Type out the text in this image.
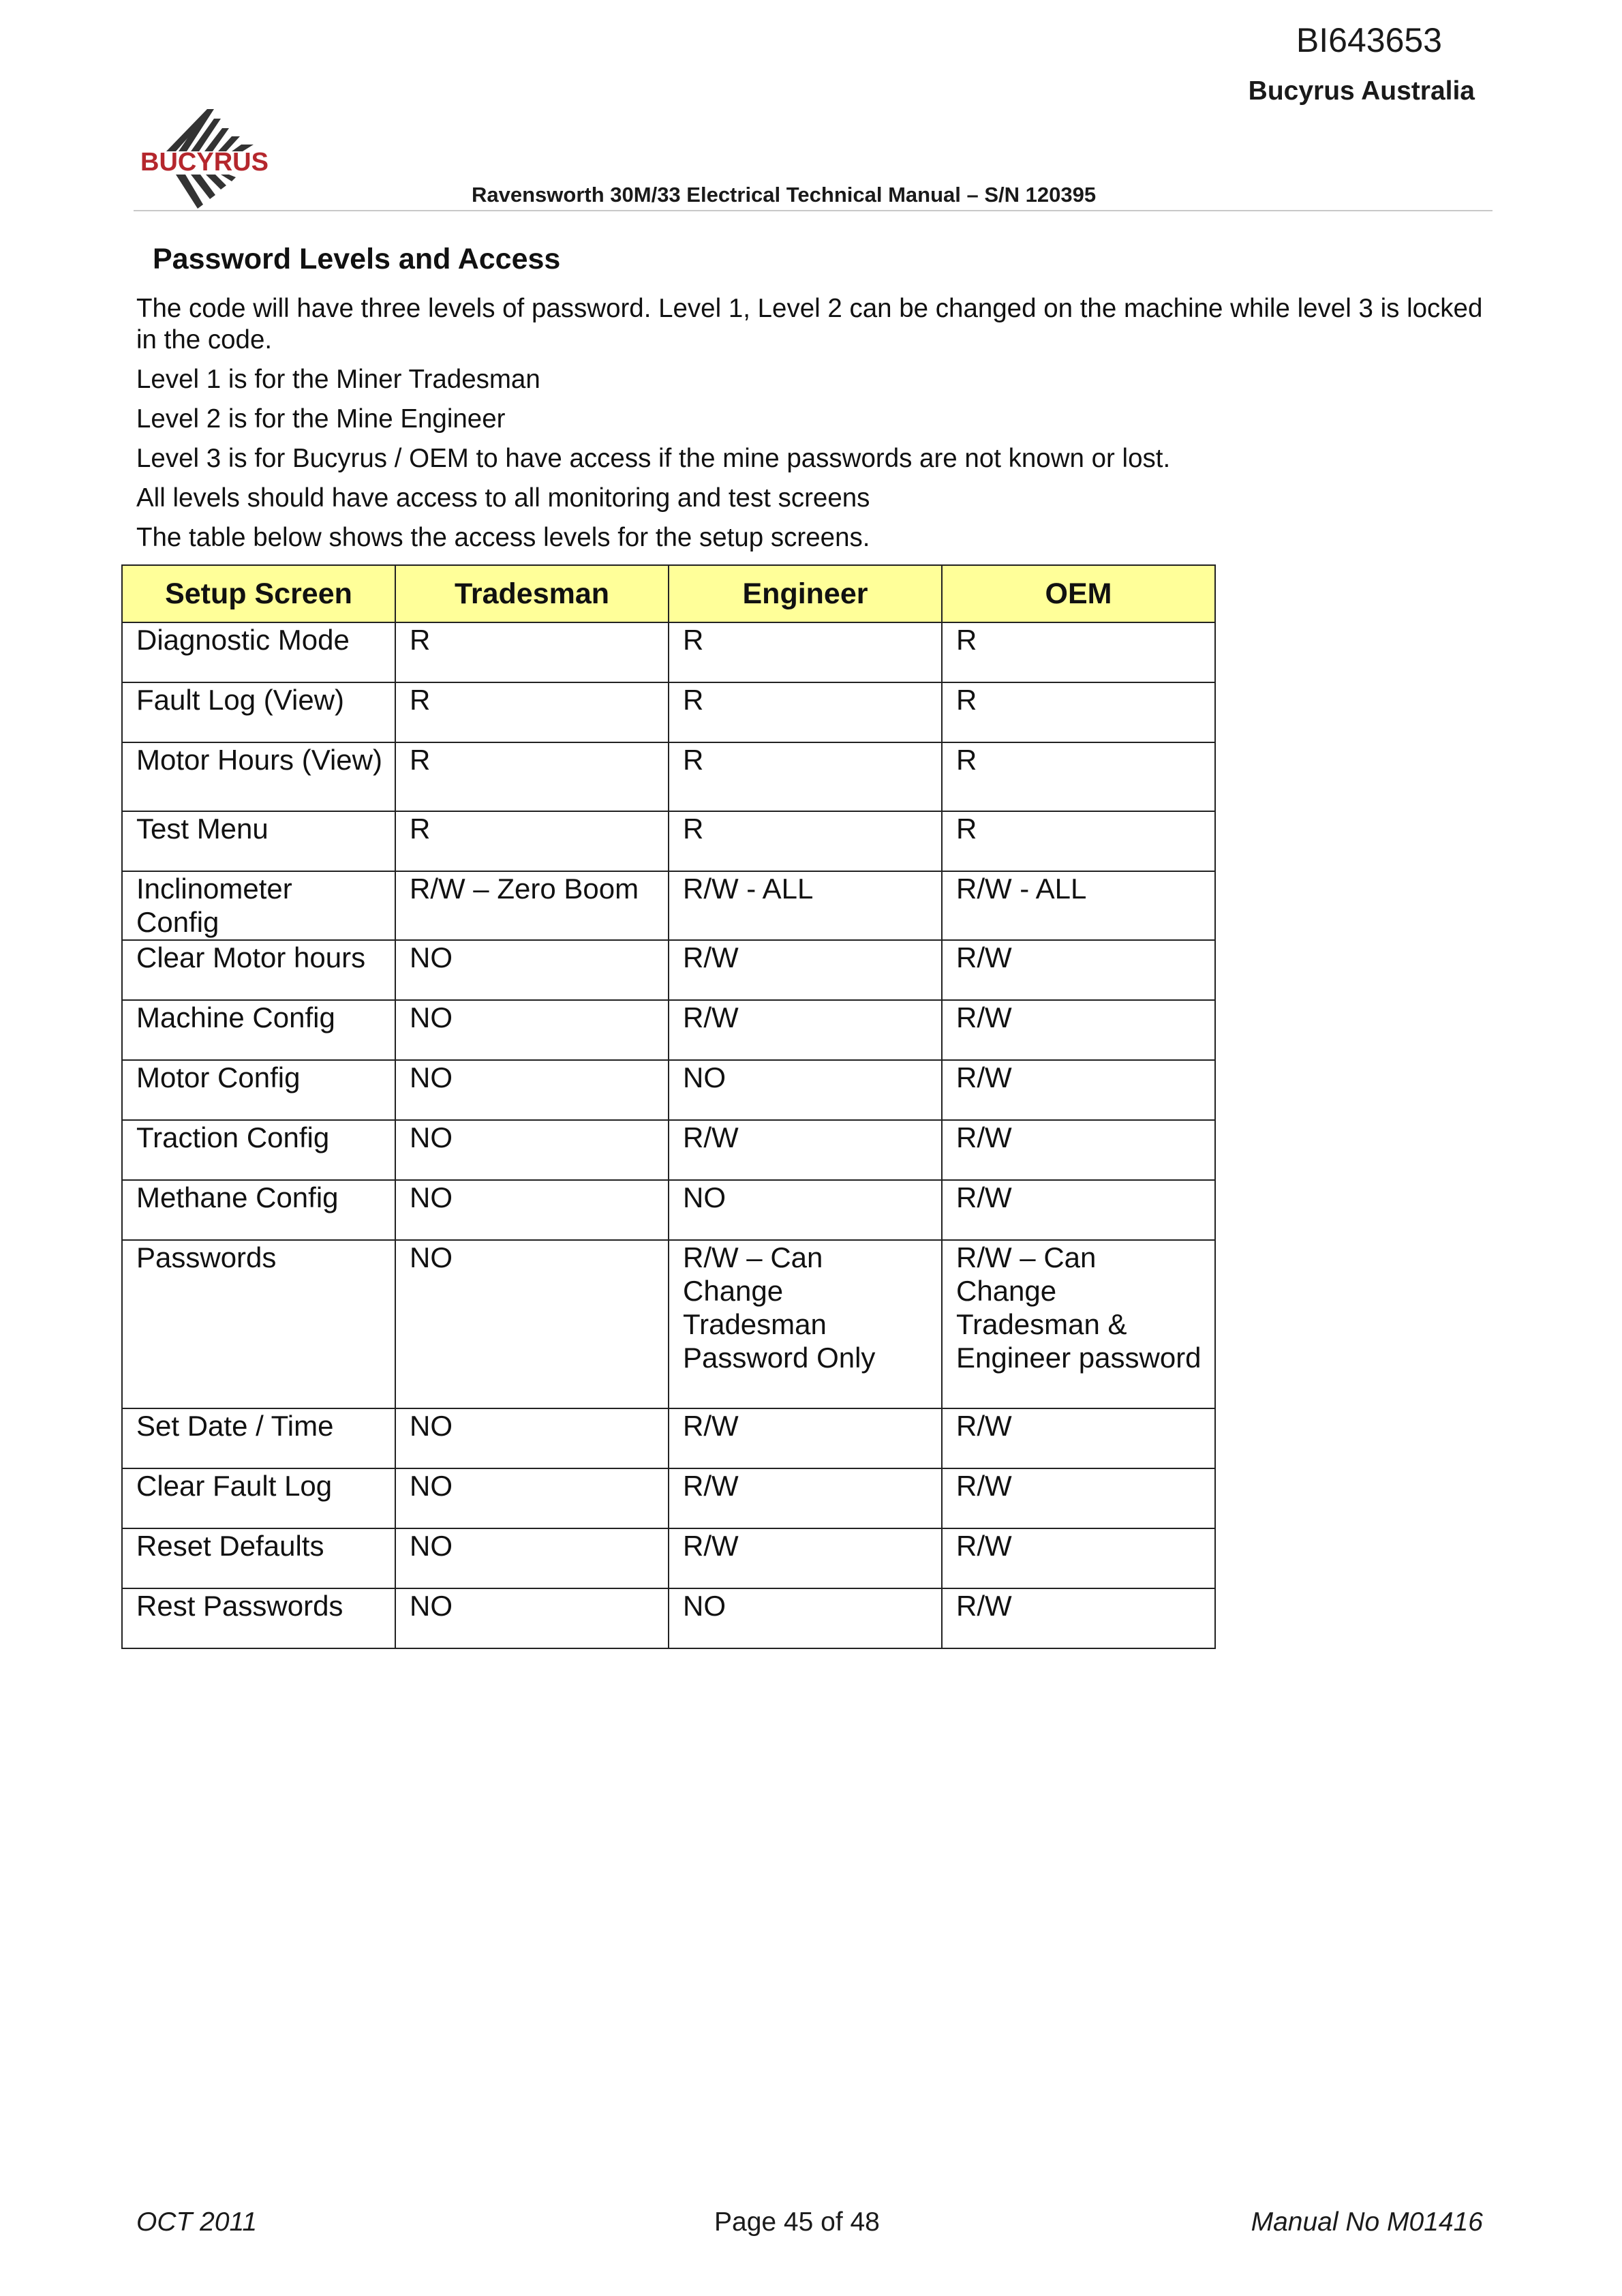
BI643653
Bucyrus Australia
BUCYRUS
Ravensworth 30M/33 Electrical Technical Manual – S/N 120395
Password Levels and Access

The code will have three levels of password. Level 1, Level 2 can be changed on the machine while level 3 is locked in the code.

Level 1 is for the Miner Tradesman

Level 2 is for the Mine Engineer

Level 3 is for Bucyrus / OEM to have access if the mine passwords are not known or lost.

All levels should have access to all monitoring and test screens

The table below shows the access levels for the setup screens.

Setup Screen	Tradesman	Engineer	OEM
Diagnostic Mode	R	R	R
Fault Log (View)	R	R	R
Motor Hours (View)	R	R	R
Test Menu	R	R	R
Inclinometer Config	R/W – Zero Boom	R/W - ALL	R/W - ALL
Clear Motor hours	NO	R/W	R/W
Machine Config	NO	R/W	R/W
Motor Config	NO	NO	R/W
Traction Config	NO	R/W	R/W
Methane Config	NO	NO	R/W
Passwords	NO	R/W – Can Change Tradesman Password Only	R/W – Can Change Tradesman & Engineer password
Set Date / Time	NO	R/W	R/W
Clear Fault Log	NO	R/W	R/W
Reset Defaults	NO	R/W	R/W
Rest Passwords	NO	NO	R/W
OCT 2011	Page 45 of 48	Manual No M01416
